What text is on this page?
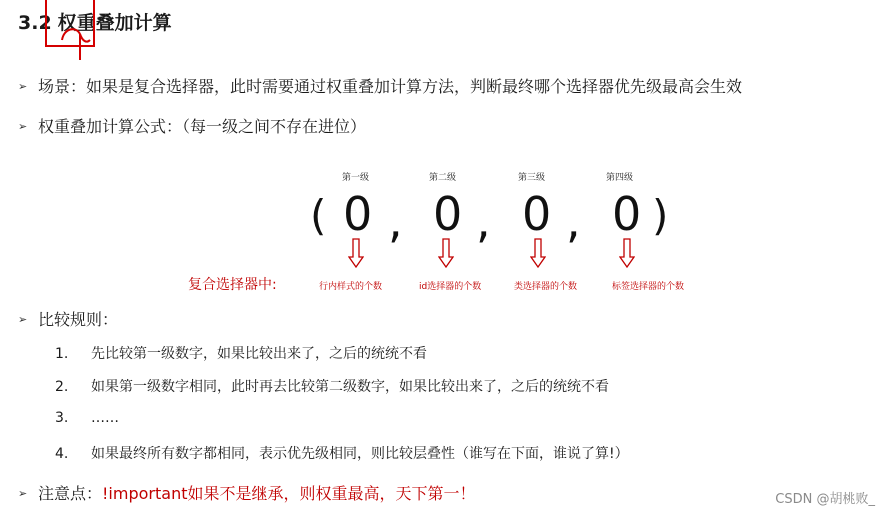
3.2 权重叠加计算
➢ 场景：如果是复合选择器，此时需要通过权重叠加计算方法，判断最终哪个选择器优先级最高会生效
➢ 权重叠加计算公式：（每一级之间不存在进位）
第一级	第二级	第三级	第四级
( 0 , 0 , 0 , 0 )
复合选择器中:	行内样式的个数	id选择器的个数	类选择器的个数	标签选择器的个数
➢ 比较规则：
1. 先比较第一级数字，如果比较出来了，之后的统统不看
2. 如果第一级数字相同，此时再去比较第二级数字，如果比较出来了，之后的统统不看
3. ……
4. 如果最终所有数字都相同，表示优先级相同，则比较层叠性（谁写在下面，谁说了算!）
➢ 注意点：!important如果不是继承，则权重最高，天下第一！	CSDN @胡桃败_
